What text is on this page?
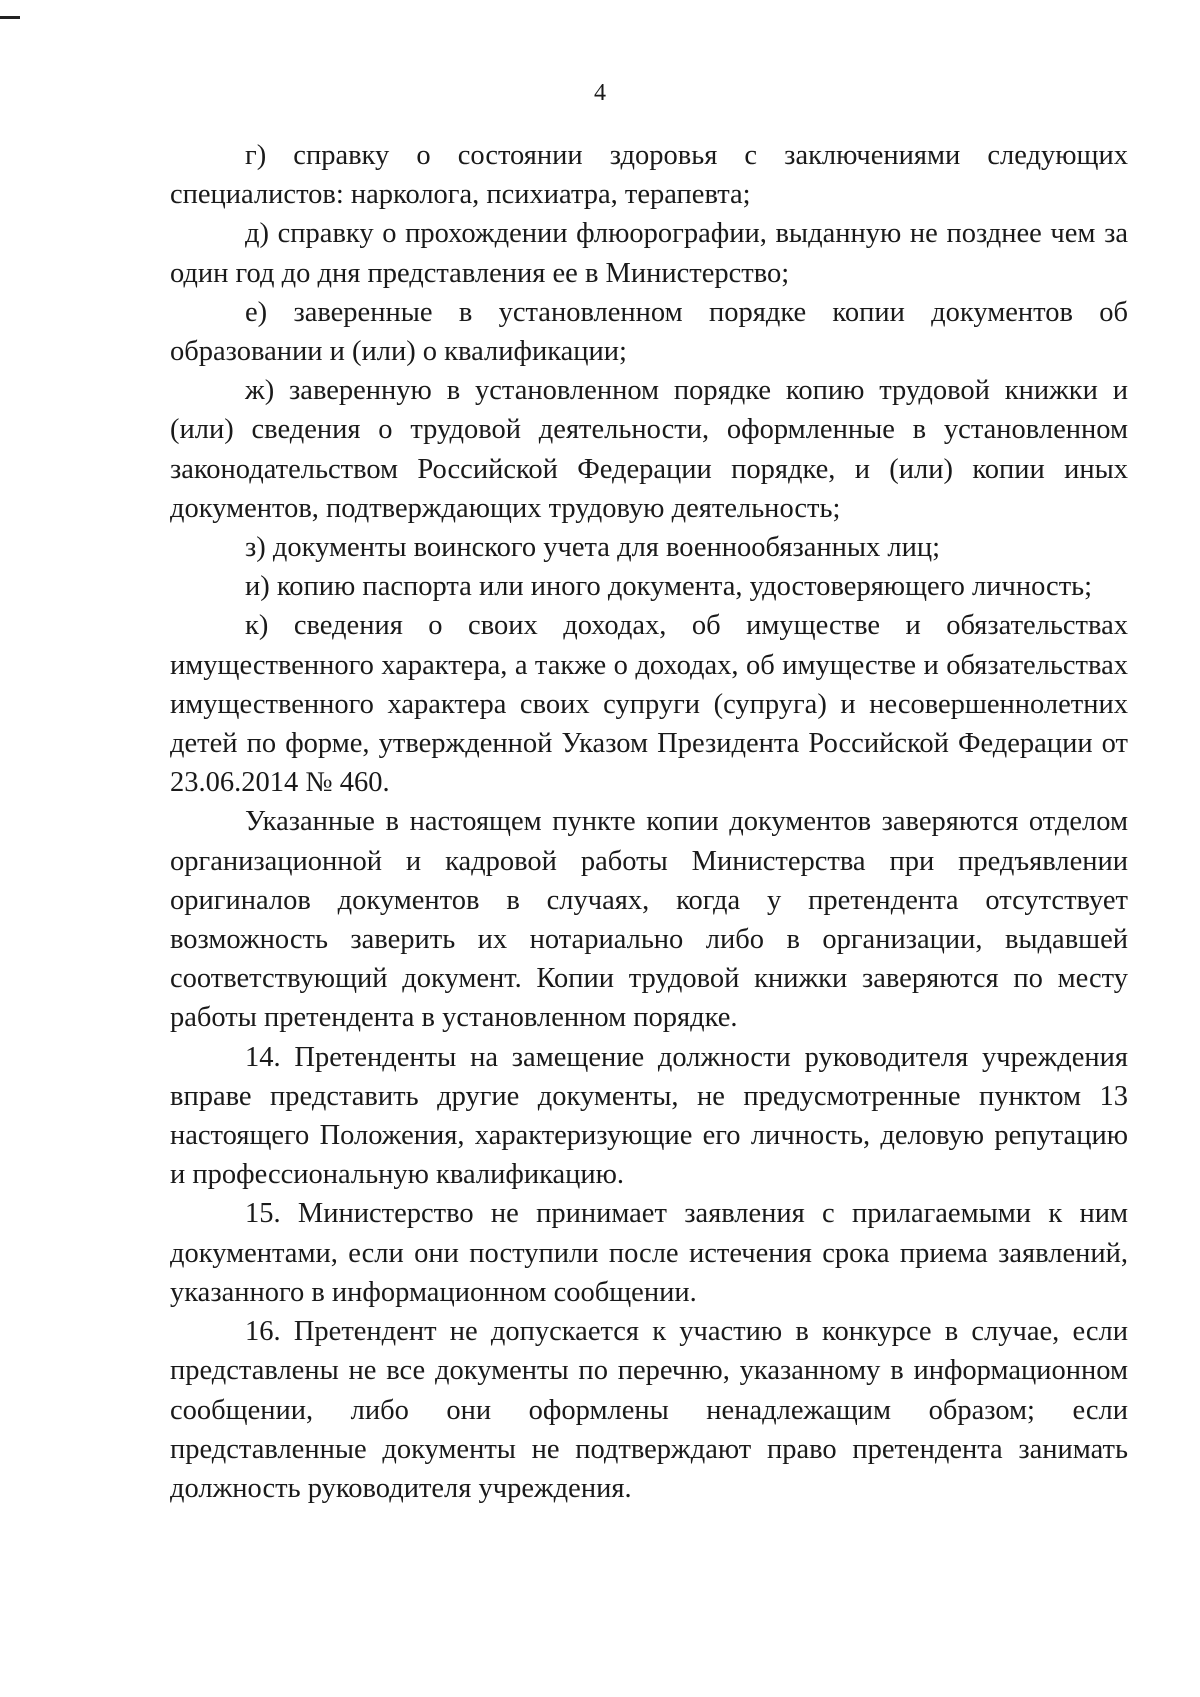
4

г) справку о состоянии здоровья с заключениями следующих специалистов: нарколога, психиатра, терапевта;

д) справку о прохождении флюорографии, выданную не позднее чем за один год до дня представления ее в Министерство;

е) заверенные в установленном порядке копии документов об образовании и (или) о квалификации;

ж) заверенную в установленном порядке копию трудовой книжки и (или) сведения о трудовой деятельности, оформленные в установленном законодательством Российской Федерации порядке, и (или) копии иных документов, подтверждающих трудовую деятельность;

з) документы воинского учета для военнообязанных лиц;

и) копию паспорта или иного документа, удостоверяющего личность;

к) сведения о своих доходах, об имуществе и обязательствах имущественного характера, а также о доходах, об имуществе и обязательствах имущественного характера своих супруги (супруга) и несовершеннолетних детей по форме, утвержденной Указом Президента Российской Федерации от 23.06.2014 № 460.

Указанные в настоящем пункте копии документов заверяются отделом организационной и кадровой работы Министерства при предъявлении оригиналов документов в случаях, когда у претендента отсутствует возможность заверить их нотариально либо в организации, выдавшей соответствующий документ. Копии трудовой книжки заверяются по месту работы претендента в установленном порядке.

14. Претенденты на замещение должности руководителя учреждения вправе представить другие документы, не предусмотренные пунктом 13 настоящего Положения, характеризующие его личность, деловую репутацию и профессиональную квалификацию.

15. Министерство не принимает заявления с прилагаемыми к ним документами, если они поступили после истечения срока приема заявлений, указанного в информационном сообщении.

16. Претендент не допускается к участию в конкурсе в случае, если представлены не все документы по перечню, указанному в информационном сообщении, либо они оформлены ненадлежащим образом; если представленные документы не подтверждают право претендента занимать должность руководителя учреждения.
